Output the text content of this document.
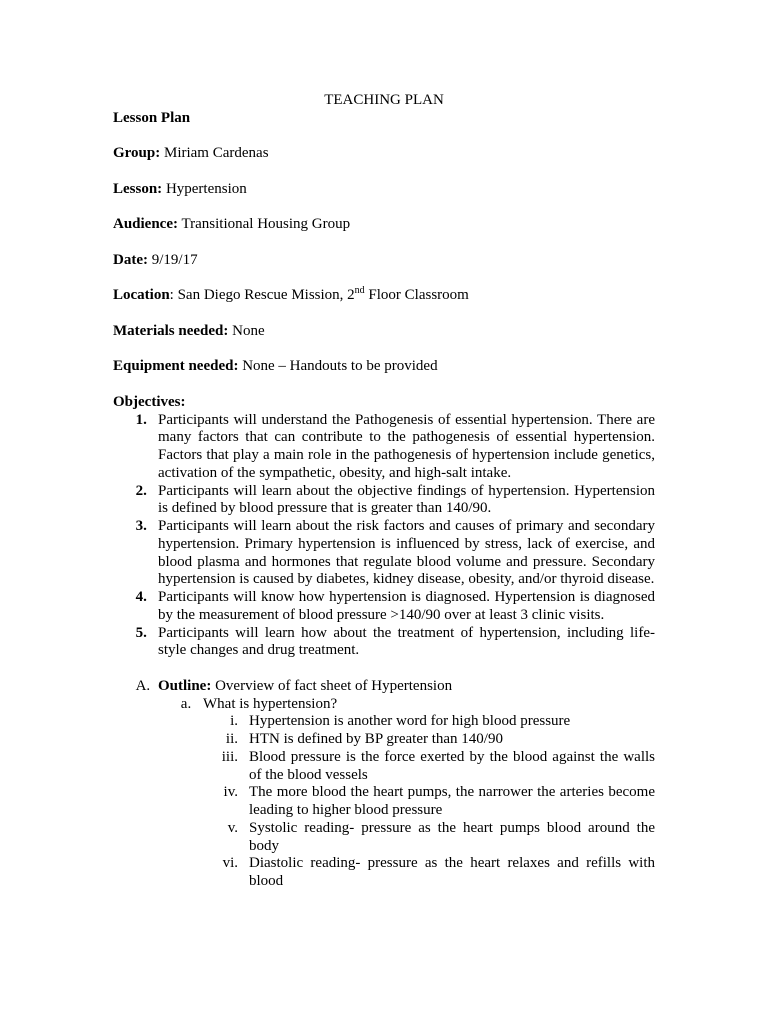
TEACHING PLAN
Lesson Plan
Group: Miriam Cardenas
Lesson: Hypertension
Audience: Transitional Housing Group
Date: 9/19/17
Location: San Diego Rescue Mission, 2nd Floor Classroom
Materials needed: None
Equipment needed: None – Handouts to be provided
Objectives:
1. Participants will understand the Pathogenesis of essential hypertension. There are many factors that can contribute to the pathogenesis of essential hypertension. Factors that play a main role in the pathogenesis of hypertension include genetics, activation of the sympathetic, obesity, and high-salt intake.
2. Participants will learn about the objective findings of hypertension. Hypertension is defined by blood pressure that is greater than 140/90.
3. Participants will learn about the risk factors and causes of primary and secondary hypertension. Primary hypertension is influenced by stress, lack of exercise, and blood plasma and hormones that regulate blood volume and pressure. Secondary hypertension is caused by diabetes, kidney disease, obesity, and/or thyroid disease.
4. Participants will know how hypertension is diagnosed. Hypertension is diagnosed by the measurement of blood pressure >140/90 over at least 3 clinic visits.
5. Participants will learn how about the treatment of hypertension, including life-style changes and drug treatment.
A. Outline: Overview of fact sheet of Hypertension
a. What is hypertension?
i. Hypertension is another word for high blood pressure
ii. HTN is defined by BP greater than 140/90
iii. Blood pressure is the force exerted by the blood against the walls of the blood vessels
iv. The more blood the heart pumps, the narrower the arteries become leading to higher blood pressure
v. Systolic reading- pressure as the heart pumps blood around the body
vi. Diastolic reading- pressure as the heart relaxes and refills with blood
